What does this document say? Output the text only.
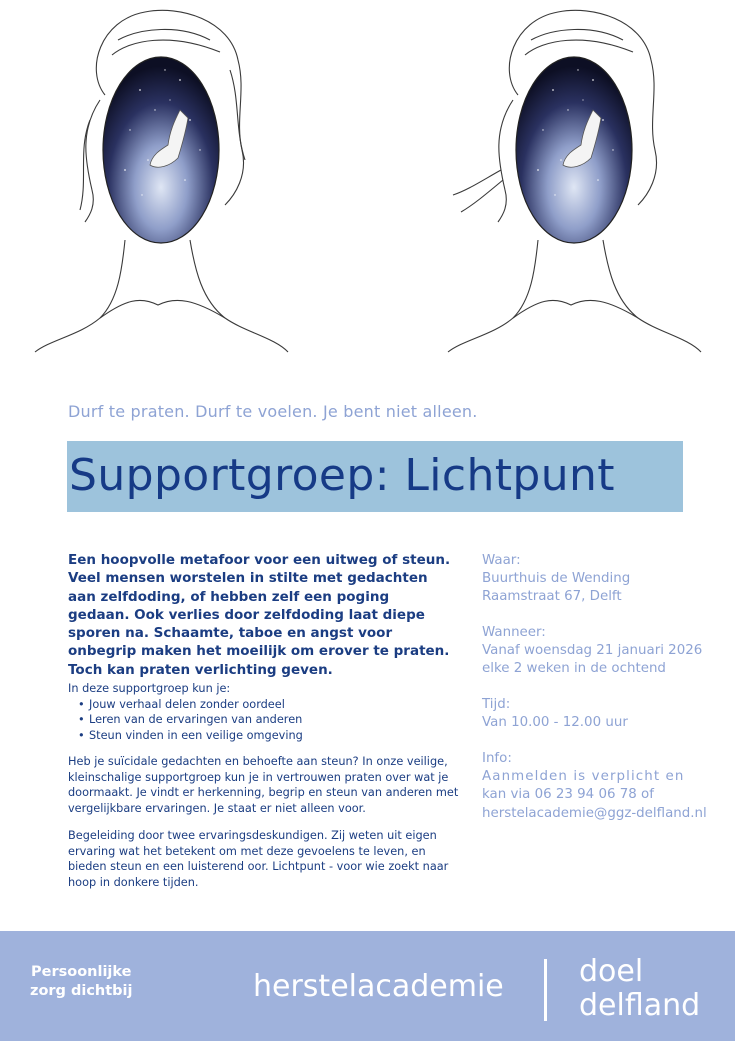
Durf te praten. Durf te voelen. Je bent niet alleen.
Supportgroep: Lichtpunt

Een hoopvolle metafoor voor een uitweg of steun. Veel mensen worstelen in stilte met gedachten aan zelfdoding, of hebben zelf een poging gedaan. Ook verlies door zelfdoding laat diepe sporen na. Schaamte, taboe en angst voor onbegrip maken het moeilijk om erover te praten. Toch kan praten verlichting geven.

In deze supportgroep kun je:

• Jouw verhaal delen zonder oordeel
• Leren van de ervaringen van anderen
• Steun vinden in een veilige omgeving

Heb je suïcidale gedachten en behoefte aan steun? In onze veilige, kleinschalige supportgroep kun je in vertrouwen praten over wat je doormaakt. Je vindt er herkenning, begrip en steun van anderen met vergelijkbare ervaringen. Je staat er niet alleen voor.

Begeleiding door twee ervaringsdeskundigen. Zij weten uit eigen ervaring wat het betekent om met deze gevoelens te leven, en bieden steun en een luisterend oor. Lichtpunt - voor wie zoekt naar hoop in donkere tijden.

Waar:
Buurthuis de Wending
Raamstraat 67, Delft
Wanneer:
Vanaf woensdag 21 januari 2026
elke 2 weken in de ochtend
Tijd:
Van 10.00 - 12.00 uur
Info:
Aanmelden is verplicht en
kan via 06 23 94 06 78 of
herstelacademie@ggz-delfland.nl
Persoonlijke
zorg dichtbij	herstelacademie	doel
delfland
